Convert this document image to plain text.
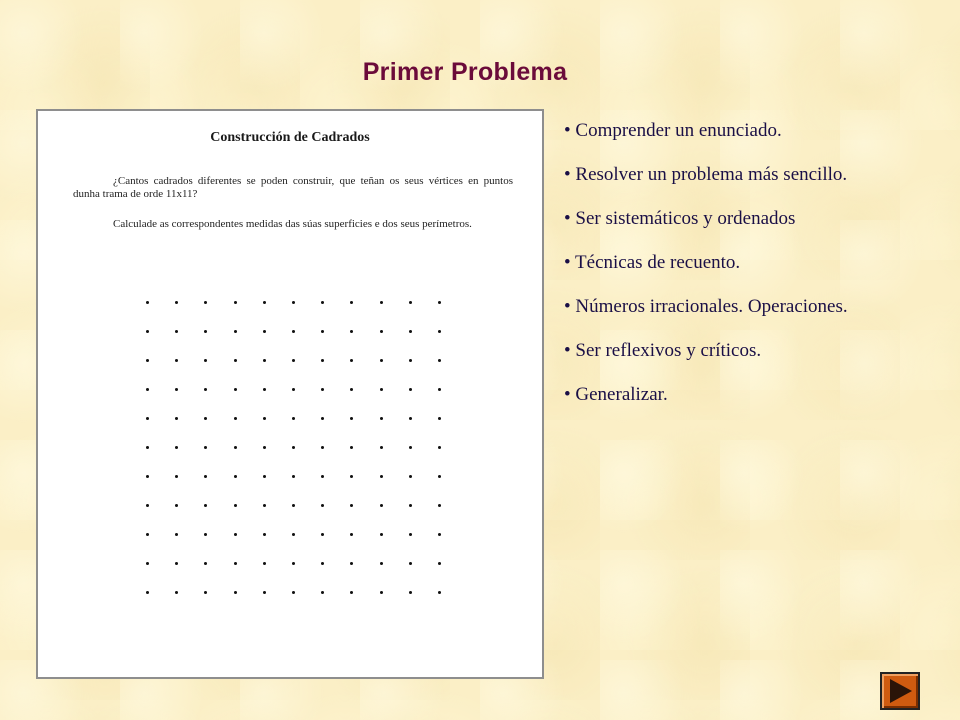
Primer Problema
Construcción de Cadrados

¿Cantos cadrados diferentes se poden construir, que teñan os seus vértices en puntos dunha trama de orde 11x11?

Calculade as correspondentes medidas das súas superficies e dos seus perímetros.

• Comprender un enunciado.
• Resolver un problema más sencillo.
• Ser sistemáticos y ordenados
• Técnicas de recuento.
• Números irracionales. Operaciones.
• Ser reflexivos y críticos.
• Generalizar.
